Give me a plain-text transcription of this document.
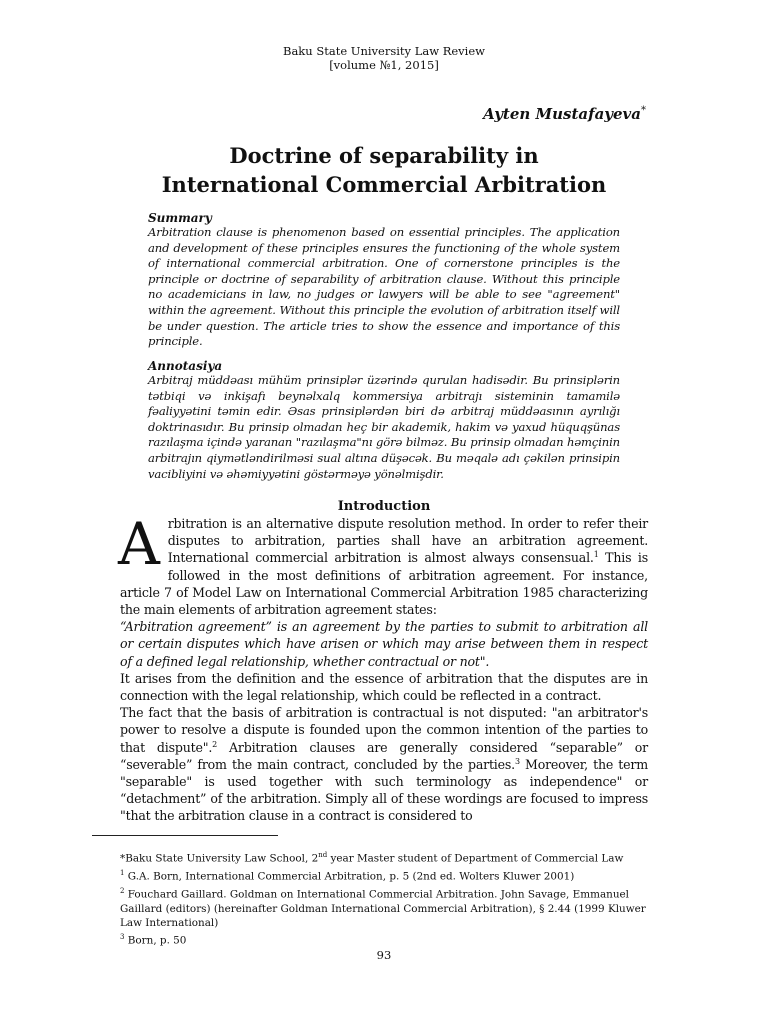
Baku State University Law Review
[volume №1, 2015]
Ayten Mustafayeva*
Doctrine of separability in
International Commercial Arbitration
Summary

Arbitration clause is phenomenon based on essential principles. The application and development of these principles ensures the functioning of the whole system of international commercial arbitration. One of cornerstone principles is the principle or doctrine of separability of arbitration clause. Without this principle no academicians in law, no judges or lawyers will be able to see "agreement" within the agreement. Without this principle the evolution of arbitration itself will be under question. The article tries to show the essence and importance of this principle.

Annotasiya

Arbitraj müddəası mühüm prinsiplər üzərində qurulan hadisədir. Bu prinsiplərin tətbiqi və inkişafı beynəlxalq kommersiya arbitrajı sisteminin tamamilə fəaliyyətini təmin edir. Əsas prinsiplərdən biri də arbitraj müddəasının ayrılığı doktrinasıdır. Bu prinsip olmadan heç bir akademik, hakim və yaxud hüquqşünas razılaşma içində yaranan "razılaşma"nı görə bilməz. Bu prinsip olmadan həmçinin arbitrajın qiymətləndirilməsi sual altına düşəcək. Bu məqalə adı çəkilən prinsipin vacibliyini və əhəmiyyətini göstərməyə yönəlmişdir.

Introduction

Arbitration is an alternative dispute resolution method. In order to refer their disputes to arbitration, parties shall have an arbitration agreement. International commercial arbitration is almost always consensual.$^1$ This is followed in the most definitions of arbitration agreement. For instance, article 7 of Model Law on International Commercial Arbitration 1985 characterizing the main elements of arbitration agreement states:

“Arbitration agreement” is an agreement by the parties to submit to arbitration all or certain disputes which have arisen or which may arise between them in respect of a defined legal relationship, whether contractual or not".

It arises from the definition and the essence of arbitration that the disputes are in connection with the legal relationship, which could be reflected in a contract.

The fact that the basis of arbitration is contractual is not disputed: "an arbitrator's power to resolve a dispute is founded upon the common intention of the parties to that dispute".$^2$ Arbitration clauses are generally considered “separable” or “severable” from the main contract, concluded by the parties.$^3$ Moreover, the term "separable" is used together with such terminology as independence" or “detachment” of the arbitration. Simply all of these wordings are focused to impress "that the arbitration clause in a contract is considered to

*Baku State University Law School, 2nd year Master student of Department of Commercial Law
$^1$ G.A. Born, International Commercial Arbitration, p. 5 (2nd ed. Wolters Kluwer 2001)
$^2$ Fouchard Gaillard. Goldman on International Commercial Arbitration. John Savage, Emmanuel Gaillard (editors) (hereinafter Goldman International Commercial Arbitration), § 2.44 (1999 Kluwer Law International)
$^3$ Born, p. 50
93
